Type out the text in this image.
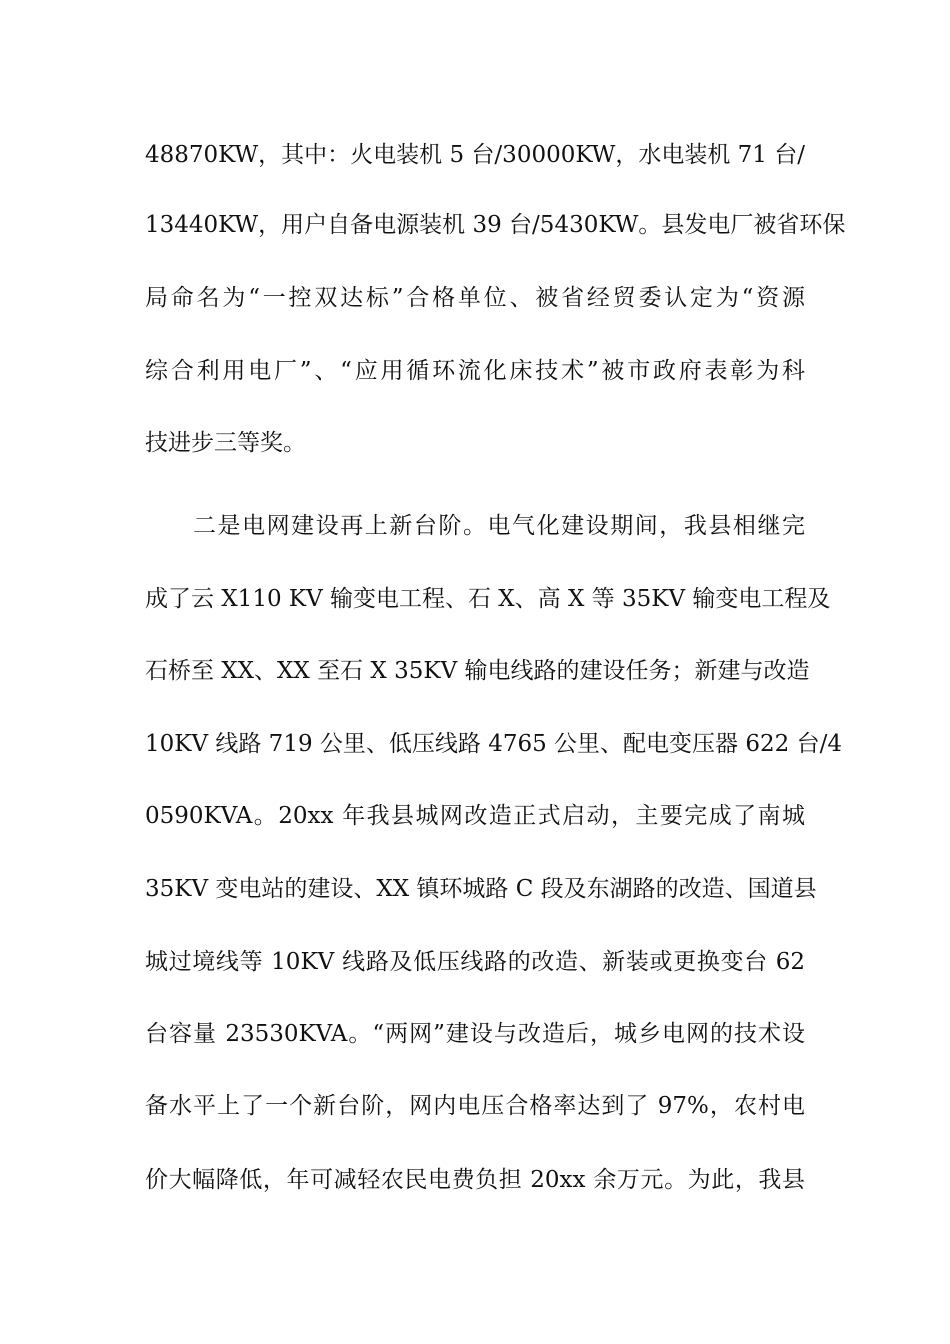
48870KW，其中：火电装机 5 台/30000KW，水电装机 71 台/
13440KW，用户自备电源装机 39 台/5430KW。县发电厂被省环保
局命名为“一控双达标”合格单位、被省经贸委认定为“资源
综合利用电厂”、“应用循环流化床技术”被市政府表彰为科
技进步三等奖。
二是电网建设再上新台阶。电气化建设期间，我县相继完
成了云 X110 KV 输变电工程、石 X、高 X 等 35KV 输变电工程及
石桥至 XX、XX 至石 X 35KV 输电线路的建设任务；新建与改造
10KV 线路 719 公里、低压线路 4765 公里、配电变压器 622 台/4
0590KVA。20xx 年我县城网改造正式启动，主要完成了南城
35KV 变电站的建设、XX 镇环城路 C 段及东湖路的改造、国道县
城过境线等 10KV 线路及低压线路的改造、新装或更换变台 62
台容量 23530KVA。“两网”建设与改造后，城乡电网的技术设
备水平上了一个新台阶，网内电压合格率达到了 97%，农村电
价大幅降低，年可减轻农民电费负担 20xx 余万元。为此，我县
